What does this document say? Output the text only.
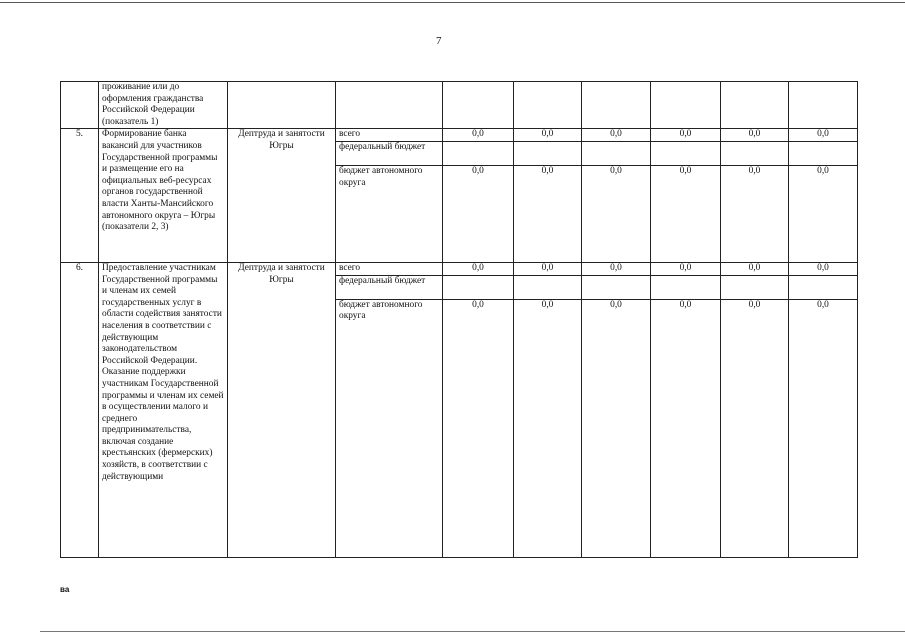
7
	проживание или до оформления гражданства Российской Федерации (показатель 1)								
5.	Формирование банка вакансий для участников Государственной программы и размещение его на официальных веб-ресурсах органов государственной власти Ханты-Мансийского автономного округа – Югры (показатели 2, 3)	Дептруда и занятости Югры	всего	0,0	0,0	0,0	0,0	0,0	0,0
			федеральный бюджет						
			бюджет автономного округа	0,0	0,0	0,0	0,0	0,0	0,0
6.	Предоставление участникам Государственной программы и членам их семей государственных услуг в области содействия занятости населения в соответствии с действующим законодательством Российской Федерации. Оказание поддержки участникам Государственной программы и членам их семей в осуществлении малого и среднего предпринимательства, включая создание крестьянских (фермерских) хозяйств, в соответствии с действующими	Дептруда и занятости Югры	всего	0,0	0,0	0,0	0,0	0,0	0,0
			федеральный бюджет						
			бюджет автономного округа	0,0	0,0	0,0	0,0	0,0	0,0
ва
